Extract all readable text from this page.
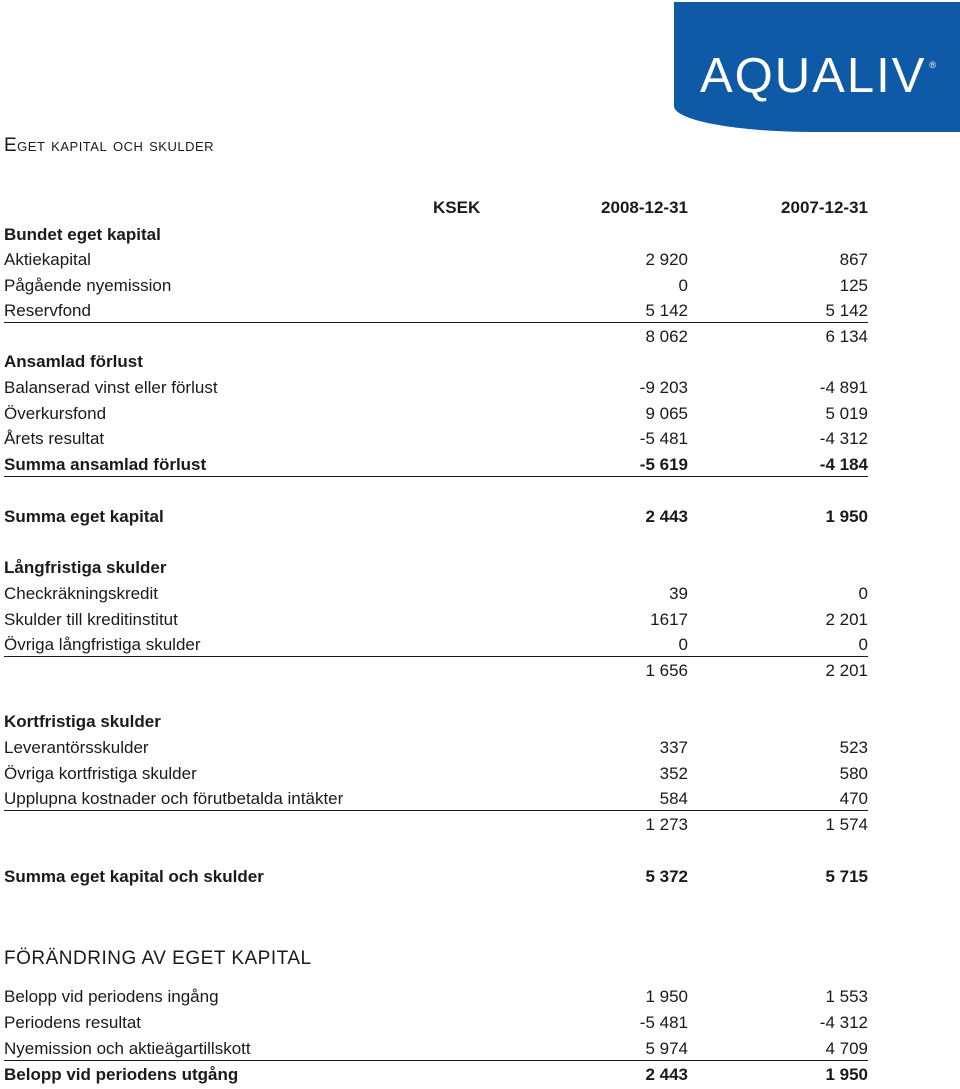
AQUALIV ®
Eget kapital och skulder
KSEK	2008-12-31	2007-12-31
Bundet eget kapital
Aktiekapital	2 920	867
Pågående nyemission	0	125
Reservfond	5 142	5 142
8 062	6 134
Ansamlad förlust
Balanserad vinst eller förlust	-9 203	-4 891
Överkursfond	9 065	5 019
Årets resultat	-5 481	-4 312
Summa ansamlad förlust	-5 619	-4 184
Summa eget kapital	2 443	1 950
Långfristiga skulder
Checkräkningskredit	39	0
Skulder till kreditinstitut	1617	2 201
Övriga långfristiga skulder	0	0
1 656	2 201
Kortfristiga skulder
Leverantörsskulder	337	523
Övriga kortfristiga skulder	352	580
Upplupna kostnader och förutbetalda intäkter	584	470
1 273	1 574
Summa eget kapital och skulder	5 372	5 715
FÖRÄNDRING AV EGET KAPITAL
Belopp vid periodens ingång	1 950	1 553
Periodens resultat	-5 481	-4 312
Nyemission och aktieägartillskott	5 974	4 709
Belopp vid periodens utgång	2 443	1 950
